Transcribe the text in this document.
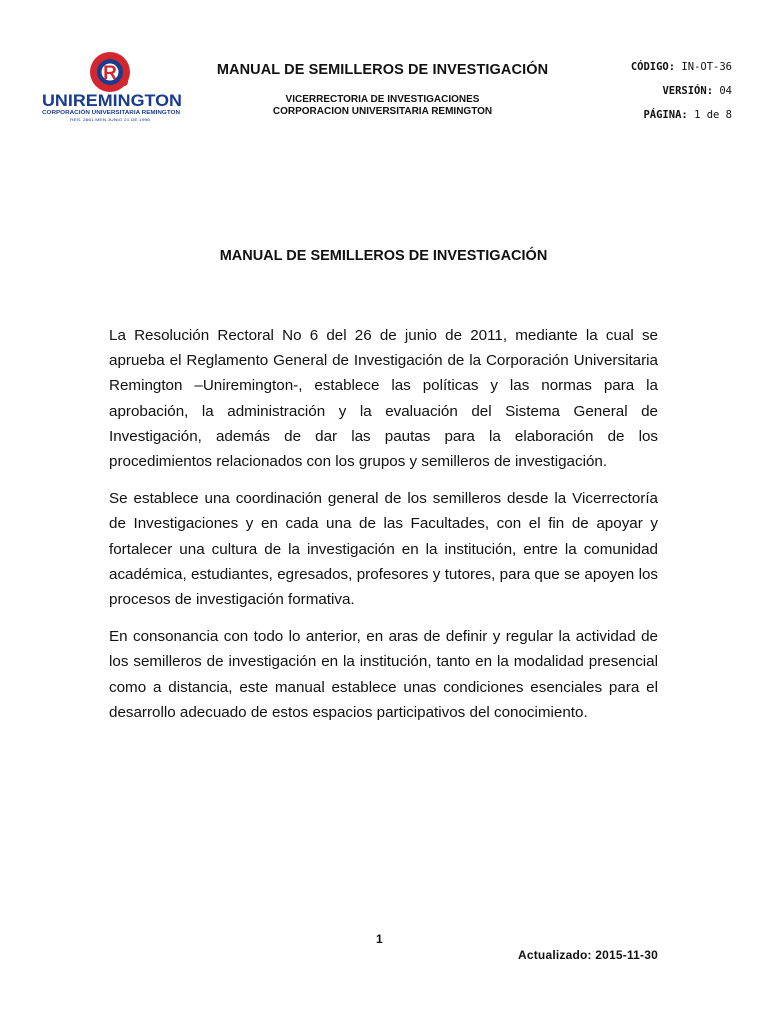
R
UNIREMINGTON
CORPORACIÓN UNIVERSITARIA REMINGTON
RES. 2661 MEN JUNIO 21 DE 1996
MANUAL DE SEMILLEROS DE INVESTIGACIÓN
VICERRECTORIA DE INVESTIGACIONES
CORPORACION UNIVERSITARIA REMINGTON
CÓDIGO: IN-OT-36
VERSIÓN: 04
PÁGINA: 1 de 8
MANUAL DE SEMILLEROS DE INVESTIGACIÓN

La Resolución Rectoral No 6 del 26 de junio de 2011, mediante la cual se aprueba el Reglamento General de Investigación de la Corporación Universitaria Remington –Uniremington-, establece las políticas y las normas para la aprobación, la administración y la evaluación del Sistema General de Investigación, además de dar las pautas para la elaboración de los procedimientos relacionados con los grupos y semilleros de investigación.

Se establece una coordinación general de los semilleros desde la Vicerrectoría de Investigaciones y en cada una de las Facultades, con el fin de apoyar y fortalecer una cultura de la investigación en la institución, entre la comunidad académica, estudiantes, egresados, profesores y tutores, para que se apoyen los procesos de investigación formativa.

En consonancia con todo lo anterior, en aras de definir y regular la actividad de los semilleros de investigación en la institución, tanto en la modalidad presencial como a distancia, este manual establece unas condiciones esenciales para el desarrollo adecuado de estos espacios participativos del conocimiento.

1
Actualizado: 2015-11-30
